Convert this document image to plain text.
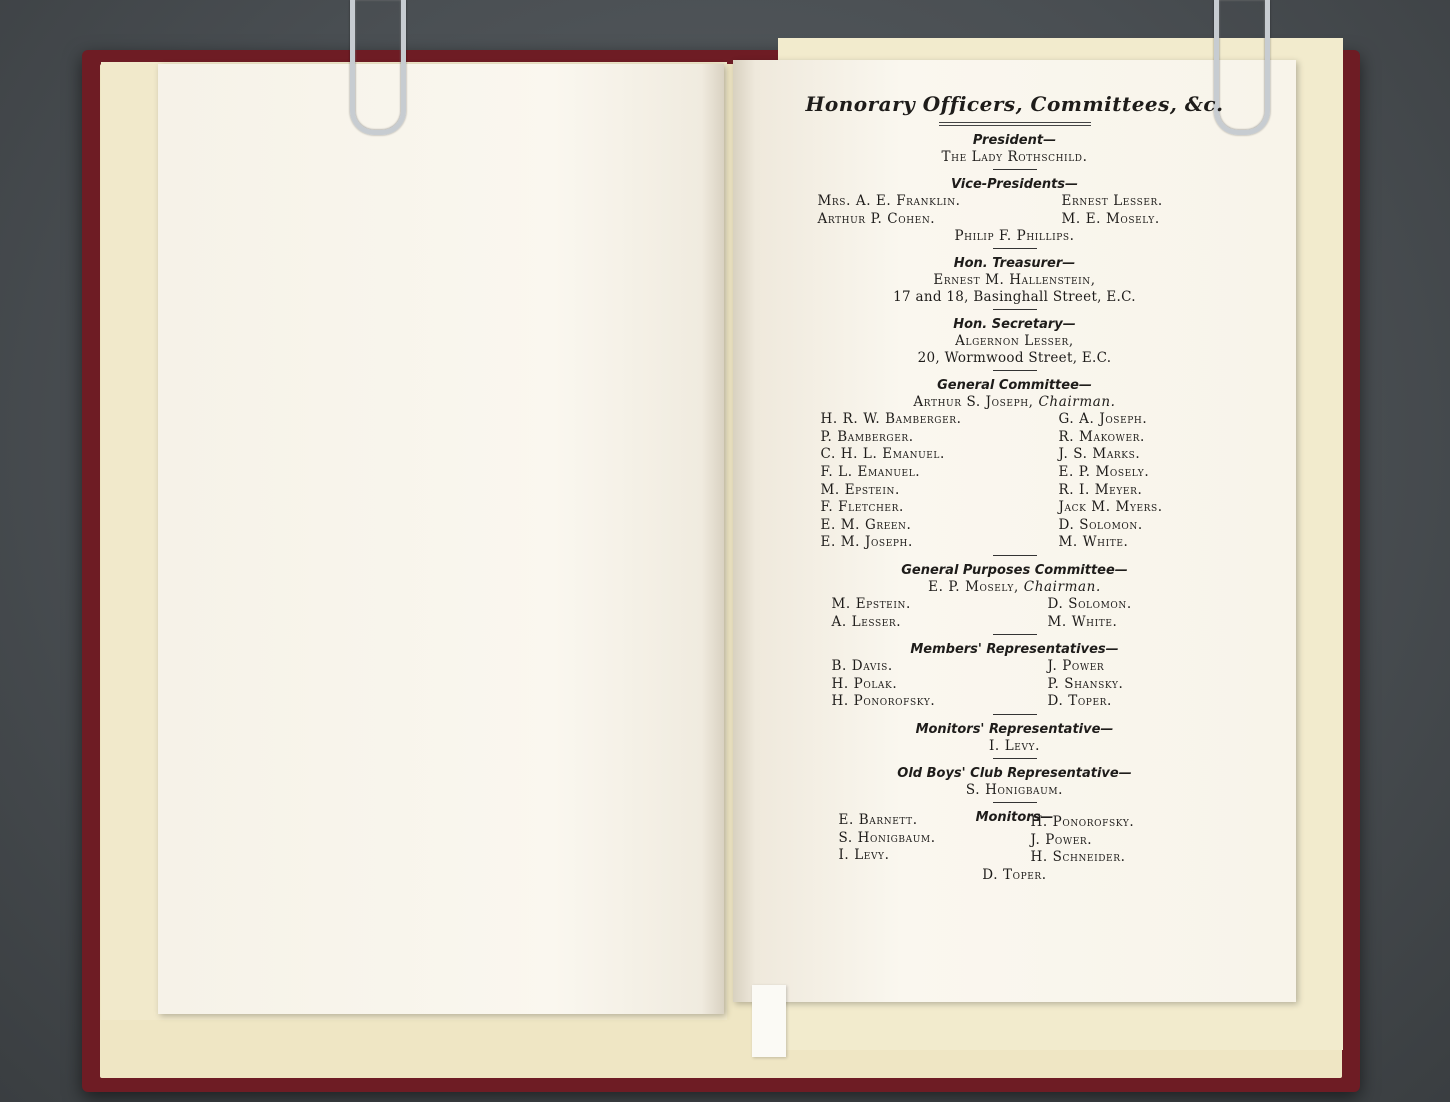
Honorary Officers, Committees, &c.
President—
The Lady Rothschild.
Vice-Presidents—
Mrs. A. E. Franklin.
Arthur P. Cohen.
Ernest Lesser.
M. E. Mosely.
Philip F. Phillips.
Hon. Treasurer—
Ernest M. Hallenstein,
17 and 18, Basinghall Street, E.C.
Hon. Secretary—
Algernon Lesser,
20, Wormwood Street, E.C.
General Committee—
Arthur S. Joseph, Chairman.
H. R. W. Bamberger.
P. Bamberger.
C. H. L. Emanuel.
F. L. Emanuel.
M. Epstein.
F. Fletcher.
E. M. Green.
E. M. Joseph.
G. A. Joseph.
R. Makower.
J. S. Marks.
E. P. Mosely.
R. I. Meyer.
Jack M. Myers.
D. Solomon.
M. White.
General Purposes Committee—
E. P. Mosely, Chairman.
M. Epstein.
A. Lesser.
D. Solomon.
M. White.
Members' Representatives—
B. Davis.
H. Polak.
H. Ponorofsky.
J. Power
P. Shansky.
D. Toper.
Monitors' Representative—
I. Levy.
Old Boys' Club Representative—
S. Honigbaum.
Monitors—
E. Barnett.
S. Honigbaum.
I. Levy.
H. Ponorofsky.
J. Power.
H. Schneider.
D. Toper.
